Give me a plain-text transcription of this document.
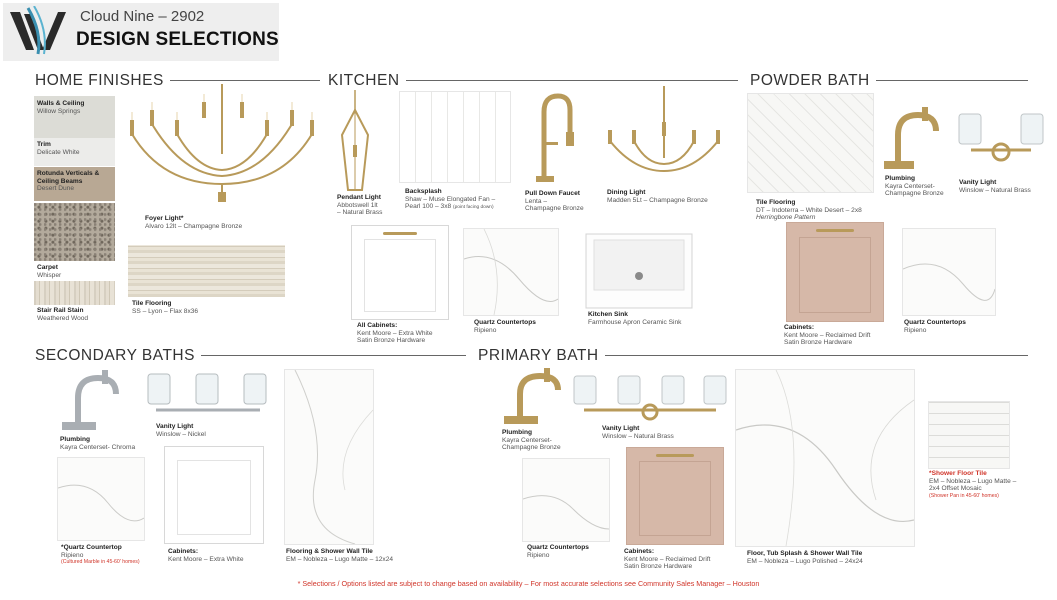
Cloud Nine – 2902
DESIGN SELECTIONS
HOME FINISHES	KITCHEN	POWDER BATH
SECONDARY BATHS	PRIMARY BATH
Walls & Ceiling
Willow Springs
Trim
Delicate White
Rotunda Verticals &
Ceiling Beams
Desert Dune
Carpet
Whisper
Stair Rail Stain
Weathered Wood
Foyer Light*
Alvaro 12lt – Champagne Bronze
Tile Flooring
SS – Lyon – Flax 8x36
Pendant Light
Abbotswell 1lt
– Natural Brass
Backsplash
Shaw – Muse Elongated Fan –
Pearl 100 – 3x8 (point facing down)
Pull Down Faucet
Lenta –
Champagne Bronze
Dining Light
Madden 5Lt – Champagne Bronze
All Cabinets:
Kent Moore – Extra White
Satin Bronze Hardware
Quartz Countertops
Ripieno
Kitchen Sink
Farmhouse Apron Ceramic Sink
Tile Flooring
DT – Indoterra – White Desert – 2x8
Herringbone Pattern
Plumbing
Kayra Centerset-
Champagne Bronze
Vanity Light
Winslow – Natural Brass
Cabinets:
Kent Moore – Reclaimed Drift
Satin Bronze Hardware
Quartz Countertops
Ripieno
Plumbing
Kayra Centerset- Chroma
Vanity Light
Winslow – Nickel
*Quartz Countertop
Ripieno
(Cultured Marble in 45-60' homes)
Cabinets:
Kent Moore – Extra White
Flooring & Shower Wall Tile
EM – Nobleza – Lugo Matte – 12x24
Plumbing
Kayra Centerset-
Champagne Bronze
Vanity Light
Winslow – Natural Brass
Quartz Countertops
Ripieno
Cabinets:
Kent Moore – Reclaimed Drift
Satin Bronze Hardware
Floor, Tub Splash & Shower Wall Tile
EM – Nobleza – Lugo Polished – 24x24
*Shower Floor Tile
EM – Nobleza – Lugo Matte –
2x4 Offset Mosaic
(Shower Pan in 45-60' homes)
* Selections / Options listed are subject to change based on availability – For most accurate selections see Community Sales Manager – Houston
